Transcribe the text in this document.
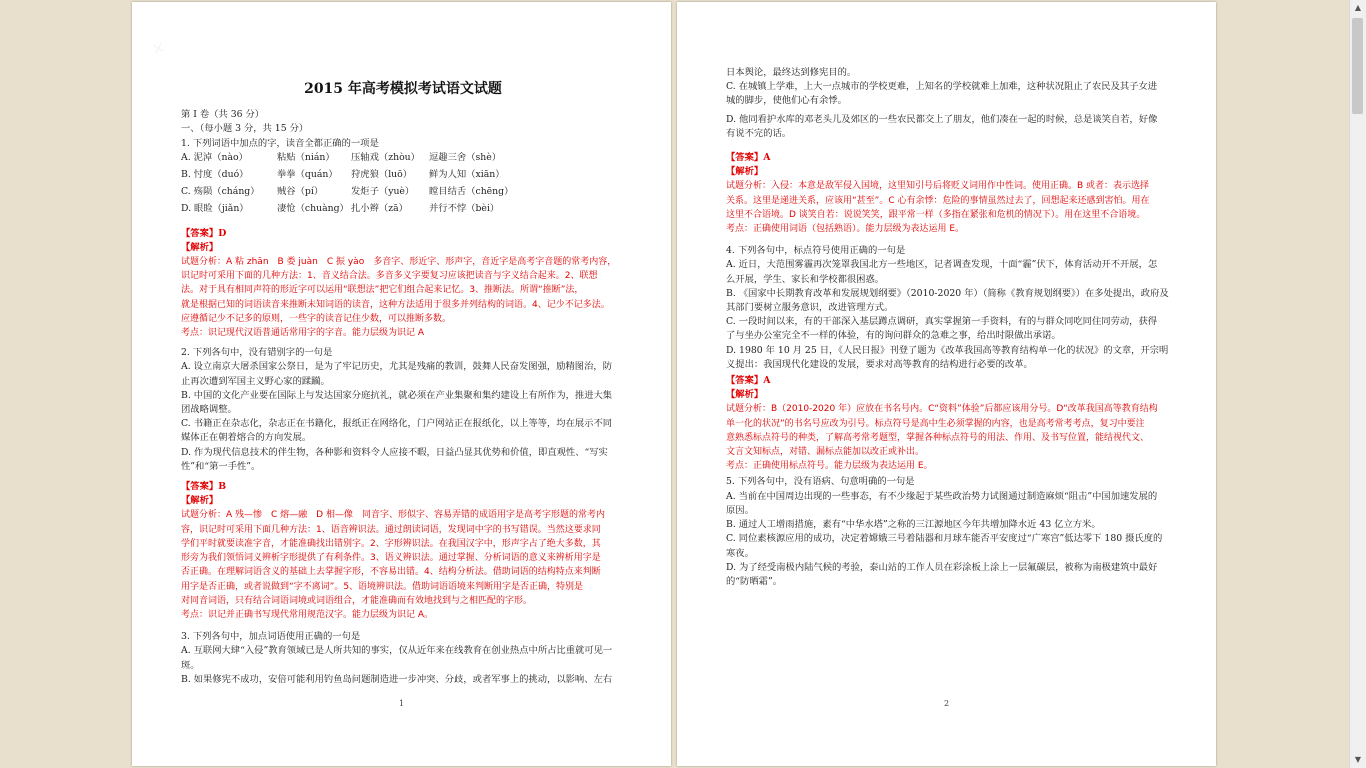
✕
2015 年高考模拟考试语文试题

第 I 卷（共 36 分）

一、（每小题 3 分，共 15 分）

1. 下列词语中加点的字，读音全都正确的一项是

A. 泥淖（nào）	粘贴（nián）	压轴戏（zhòu） 逗趣三舍（shè）
B. 忖度（duó）	拳拳（quán）	狩虎狼（luō）	鲜为人知（xiān）
C. 殇陨（cháng）	贼谷（pí）	发炬子（yuè）	瞠目结舌（chēng）
D. 眼睑（jiǎn）	凄怆（chuàng） 扎小辫（zā）	并行不悖（bèi）

【答案】D

【解析】

试题分析：A 粘 zhān　B 娄 juàn　C 振 yào　多音字、形近字、形声字，音近字是高考字音题的常考内容，

识记时可采用下面的几种方法：1、音义结合法。多音多义字要复习应该把读音与字义结合起来。2、联想

法。对于具有相同声符的形近字可以运用“联想法”把它们组合起来记忆。3、推断法。所谓“推断”法，

就是根据已知的词语读音来推断未知词语的读音，这种方法适用于很多并列结构的词语。4、记少不记多法。

应遵循记少不记多的原则，一些字的读音记住少数，可以推断多数。

考点：识记现代汉语普通话常用字的字音。能力层级为识记 A

2. 下列各句中，没有错别字的一句是

A. 设立南京大屠杀国家公祭日，是为了牢记历史，尤其是残痛的教训，鼓舞人民奋发图强，励精图治，防

止再次遭到军国主义野心家的蹂躏。

B. 中国的文化产业要在国际上与发达国家分庭抗礼，就必须在产业集聚和集约建设上有所作为，推进大集

团战略调整。

C. 书籍正在杂志化，杂志正在书籍化，报纸正在网络化，门户网站正在报纸化，以上等等，均在展示不同

媒体正在朝着熔合的方向发展。

D. 作为现代信息技术的伴生物，各种影和资料令人应接不暇，日益凸显其优势和价值，即直观性、“写实

性”和“第一手性”。

【答案】B

【解析】

试题分析：A 残—惨　C 熔—融　D 相—像　同音字、形似字、容易弄错的成语用字是高考字形题的常考内

容，识记时可采用下面几种方法：1、语音辨识法。通过朗读词语，发现词中字的书写错误。当然这要求同

学们平时就要读准字音，才能准确找出错别字。2、字形辨识法。在我国汉字中，形声字占了绝大多数，其

形旁为我们领悟词义辨析字形提供了有利条件。3、语义辨识法。通过掌握、分析词语的意义来辨析用字是

否正确。在理解词语含义的基础上去掌握字形，不容易出错。4、结构分析法。借助词语的结构特点来判断

用字是否正确，或者说做到“字不离词”。5、语境辨识法。借助词语语境来判断用字是否正确，特别是

对同音词语，只有结合词语词境或词语组合，才能准确而有效地找到与之相匹配的字形。

考点：识记并正确书写现代常用规范汉字。能力层级为识记 A。

3. 下列各句中，加点词语使用正确的一句是

A. 互联网大肆“入侵”教育领域已是人所共知的事实，仅从近年来在线教育在创业热点中所占比重就可见一

斑。

B. 如果修宪不成功，安倍可能利用钓鱼岛问题制造进一步冲突、分歧，或者军事上的挑动，以影响、左右

1

日本舆论，最终达到修宪目的。

C. 在城镇上学难，上大一点城市的学校更难，上知名的学校就难上加难，这种状况阻止了农民及其子女进

城的脚步，使他们心有余悸。

D. 他同看护水库的邓老头儿及郊区的一些农民都交上了朋友，他们凑在一起的时候，总是谈笑自若，好像

有说不完的话。

【答案】A

【解析】

试题分析：入侵：本意是敌军侵入国境，这里知引号后将贬义词用作中性词。使用正确。B 或者：表示选择

关系。这里是递进关系，应该用“甚至”。C 心有余悸：危险的事情虽然过去了，回想起来还感到害怕。用在

这里不合语境。D 谈笑自若：说说笑笑，跟平常一样（多指在紧张和危机的情况下）。用在这里不合语境。

考点：正确使用词语（包括熟语）。能力层级为表达运用 E。

4. 下列各句中，标点符号使用正确的一句是

A. 近日，大范围雾霾再次笼罩我国北方一些地区，记者调查发现，十面“霾”伏下，体育活动开不开展，怎

么开展，学生、家长和学校都很困惑。

B. 《国家中长期教育改革和发展规划纲要》（2010-2020 年）（简称《教育规划纲要》）在多处提出，政府及

其部门要树立服务意识，改进管理方式。

C. 一段时间以来，有的干部深入基层蹲点调研，真实掌握第一手资料，有的与群众同吃同住同劳动，获得

了与坐办公室完全不一样的体验，有的询问群众的急难之事，给出时限做出承诺。

D. 1980 年 10 月 25 日，《人民日报》刊登了题为《改革我国高等教育结构单一化的状况》的文章，开宗明

义提出：我国现代化建设的发展，要求对高等教育的结构进行必要的改革。

【答案】A

【解析】

试题分析：B（2010-2020 年）应放在书名号内。C“资料”体验”后都应该用分号。D“改革我国高等教育结构

单一化的状况”的书名号应改为引号。标点符号是高中生必须掌握的内容，也是高考常考考点，复习中要注

意熟悉标点符号的种类，了解高考常考题型，掌握各种标点符号的用法、作用、及书写位置，能结视代文、

文言文知标点，对错、漏标点能加以改正或补出。

考点：正确使用标点符号。能力层级为表达运用 E。

5. 下列各句中，没有语病、句意明确的一句是

A. 当前在中国周边出现的一些事态，有不少缘起于某些政治势力试图通过制造麻烦“阻击”中国加速发展的

原因。

B. 通过人工增雨措施，素有“中华水塔”之称的三江源地区今年共增加降水近 43 亿立方米。

C. 同位素核源应用的成功，决定着嫦娥三号着陆器和月球车能否平安度过“广寒宫”低达零下 180 摄氏度的

寒夜。

D. 为了经受南极内陆气候的考验，泰山站的工作人员在彩涂板上涂上一层氟碳层，被称为南极建筑中最好

的“防晒霜”。

2
▲
▼
